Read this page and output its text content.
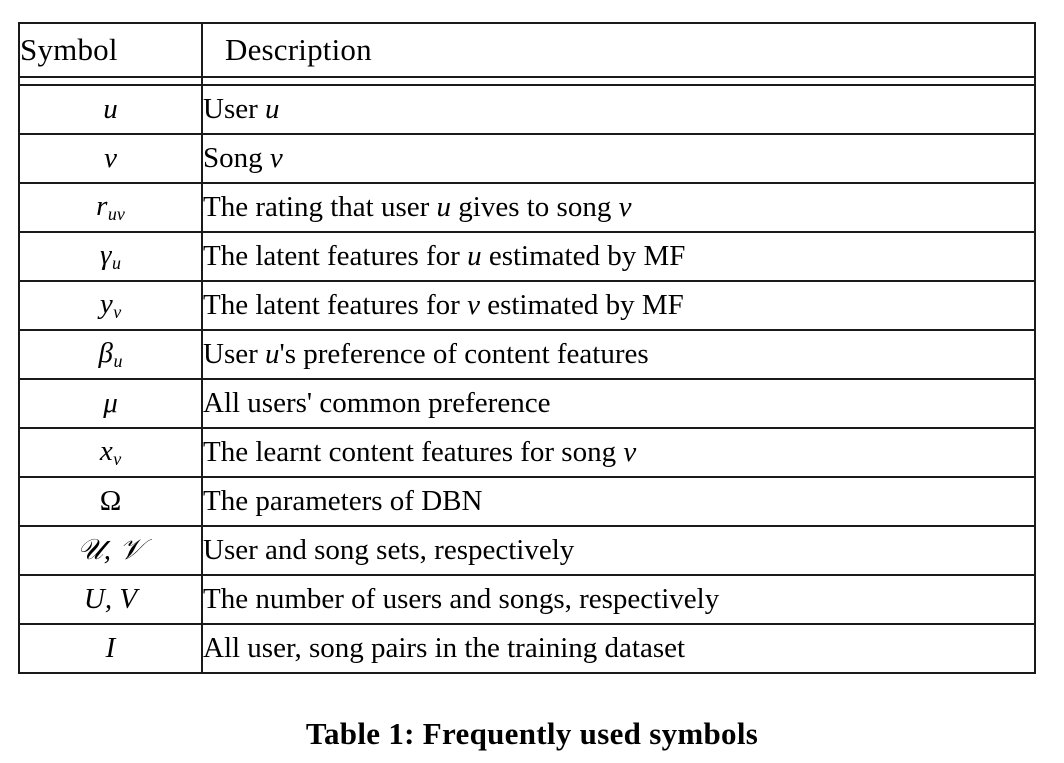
Symbol	Description

u	User u
v	Song v
$r_{uv}$	The rating that user u gives to song v
$\gamma_u$	The latent features for u estimated by MF
$y_v$	The latent features for v estimated by MF
$\beta_u$	User u's preference of content features
μ	All users' common preference
$x_v$	The learnt content features for song v
Ω	The parameters of DBN
𝒰, 𝒱	User and song sets, respectively
U, V	The number of users and songs, respectively
I	All user, song pairs in the training dataset
Table 1: Frequently used symbols
